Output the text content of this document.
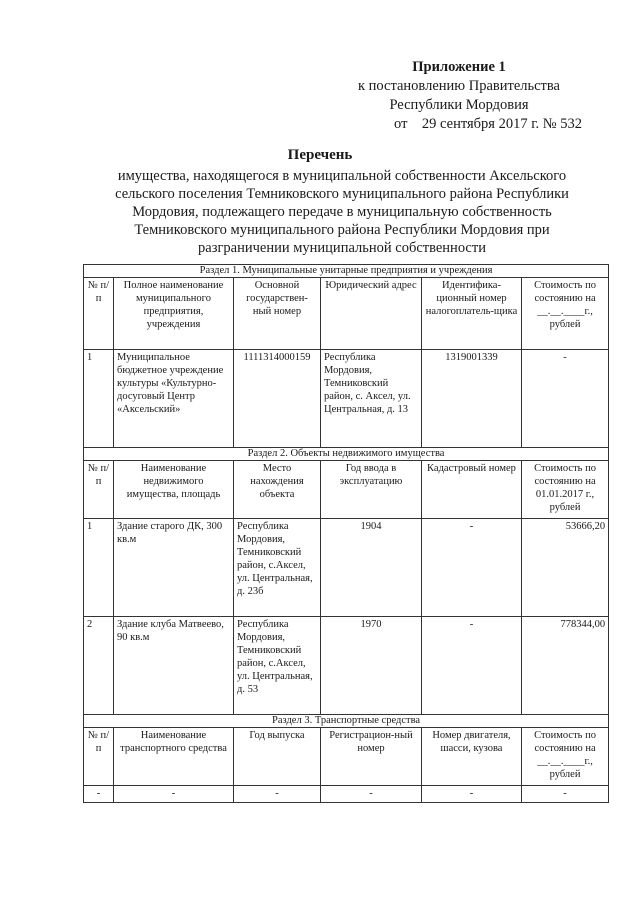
Приложение 1
к постановлению Правительства
Республики Мордовия
от    29 сентября 2017 г. № 532
Перечень
имущества, находящегося в муниципальной собственности Аксельского
сельского поселения Темниковского муниципального района Республики
Мордовия, подлежащего передаче в муниципальную собственность
Темниковского муниципального района Республики Мордовия при
разграничении муниципальной собственности
Раздел 1. Муниципальные унитарные предприятия и учреждения					
№ п/п	Полное наименование муниципального предприятия, учреждения	Основной государствен-ный номер	Юридический адрес	Идентифика-ционный номер налогоплатель-щика	Стоимость по состоянию на __.__.____г., рублей
1	Муниципальное бюджетное учреждение культуры «Культурно-досуговый Центр «Аксельский»	1111314000159	Республика Мордовия, Темниковский район, с. Аксел, ул. Центральная, д. 13	1319001339	-
Раздел 2. Объекты недвижимого имущества					
№ п/п	Наименование недвижимого имущества, площадь	Место нахождения объекта	Год ввода в эксплуатацию	Кадастровый номер	Стоимость по состоянию на 01.01.2017 г., рублей
1	Здание старого ДК, 300 кв.м	Республика Мордовия, Темниковский район, с.Аксел, ул. Центральная, д. 23б	1904	-	53666,20
2	Здание клуба Матвеево, 90 кв.м	Республика Мордовия, Темниковский район, с.Аксел, ул. Центральная, д. 53	1970	-	778344,00
Раздел 3. Транспортные средства					
№ п/п	Наименование транспортного средства	Год выпуска	Регистрацион-ный номер	Номер двигателя, шасси, кузова	Стоимость по состоянию на __.__.____г., рублей
-	-	-	-	-	-
